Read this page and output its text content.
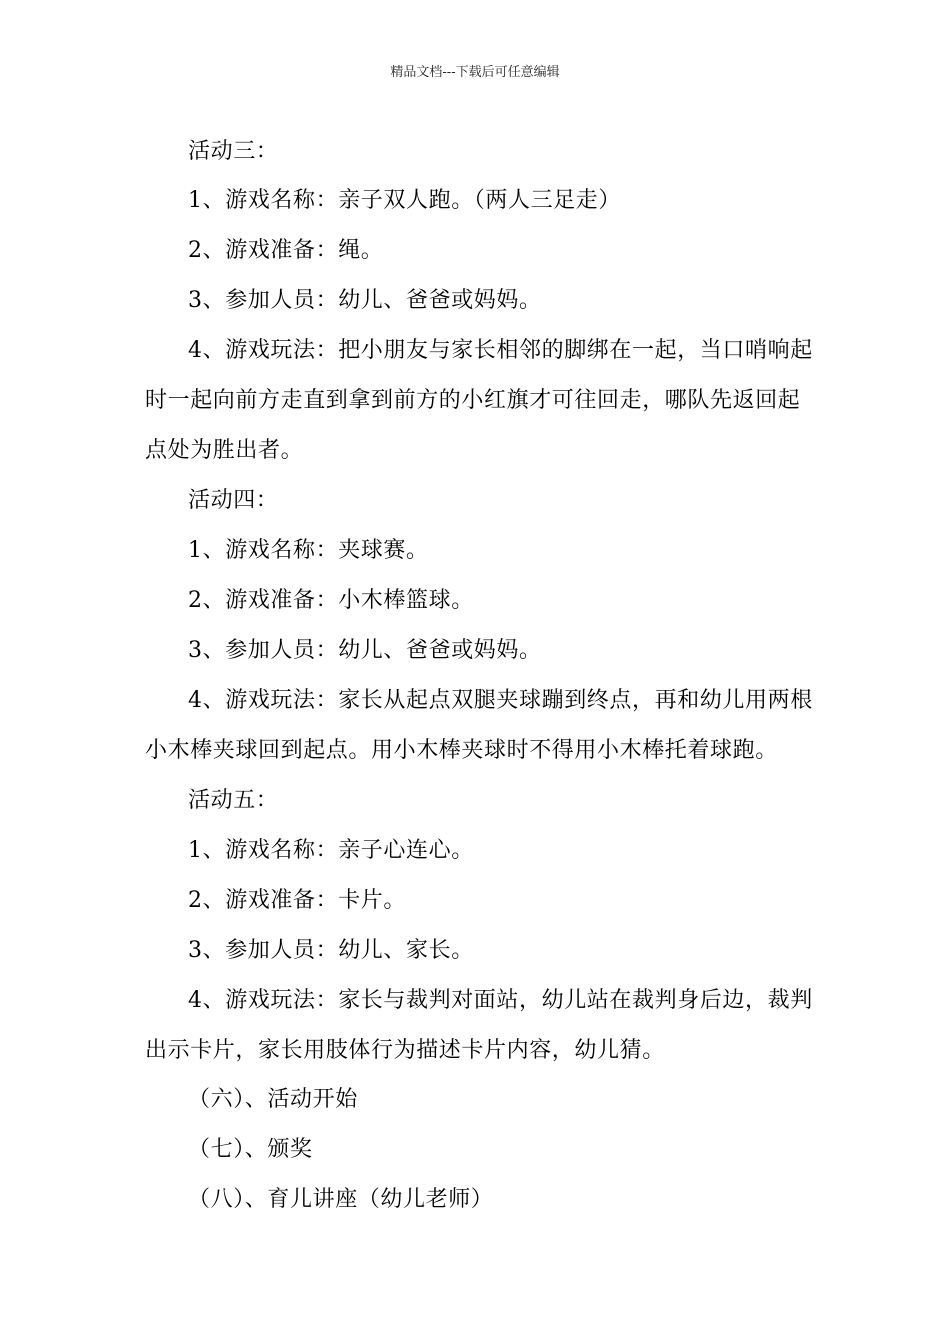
精品文档---下载后可任意编辑
活动三：
1、游戏名称：亲子双人跑。（两人三足走）
2、游戏准备：绳。
3、参加人员：幼儿、爸爸或妈妈。
4、游戏玩法：把小朋友与家长相邻的脚绑在一起，当口哨响起
时一起向前方走直到拿到前方的小红旗才可往回走，哪队先返回起
点处为胜出者。
活动四：
1、游戏名称：夹球赛。
2、游戏准备：小木棒篮球。
3、参加人员：幼儿、爸爸或妈妈。
4、游戏玩法：家长从起点双腿夹球蹦到终点，再和幼儿用两根
小木棒夹球回到起点。用小木棒夹球时不得用小木棒托着球跑。
活动五：
1、游戏名称：亲子心连心。
2、游戏准备：卡片。
3、参加人员：幼儿、家长。
4、游戏玩法：家长与裁判对面站，幼儿站在裁判身后边，裁判
出示卡片，家长用肢体行为描述卡片内容，幼儿猜。
（六）、活动开始
（七）、颁奖
（八）、育儿讲座（幼儿老师）
